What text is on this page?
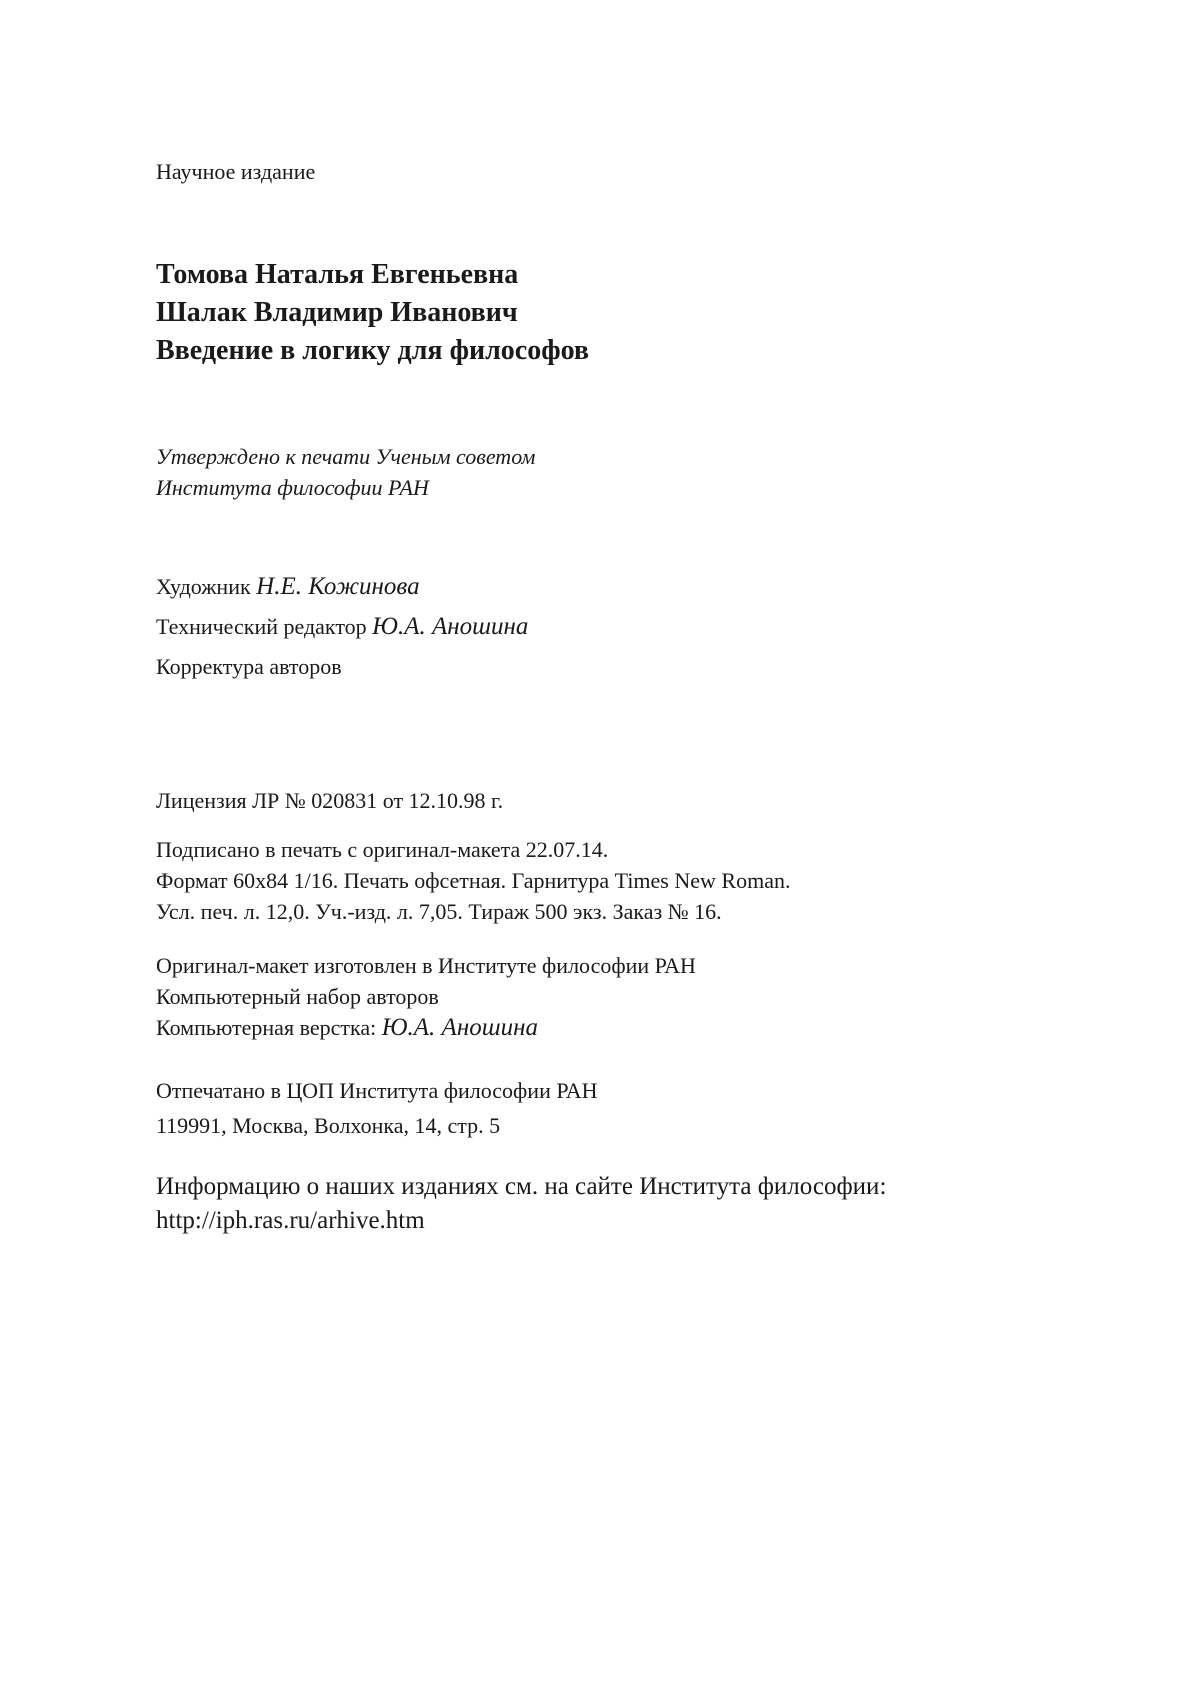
Научное издание
Томова Наталья Евгеньевна
Шалак Владимир Иванович
Введение в логику для философов
Утверждено к печати Ученым советом
Института философии РАН
Художник Н.Е. Кожинова
Технический редактор Ю.А. Аношина
Корректура авторов
Лицензия ЛР № 020831 от 12.10.98 г.
Подписано в печать с оригинал-макета 22.07.14.
Формат 60х84 1/16. Печать офсетная. Гарнитура Times New Roman.
Усл. печ. л. 12,0. Уч.-изд. л. 7,05. Тираж 500 экз. Заказ № 16.
Оригинал-макет изготовлен в Институте философии РАН
Компьютерный набор авторов
Компьютерная верстка: Ю.А. Аношина
Отпечатано в ЦОП Института философии РАН
119991, Москва, Волхонка, 14, стр. 5
Информацию о наших изданиях см. на сайте Института философии:
http://iph.ras.ru/arhive.htm
